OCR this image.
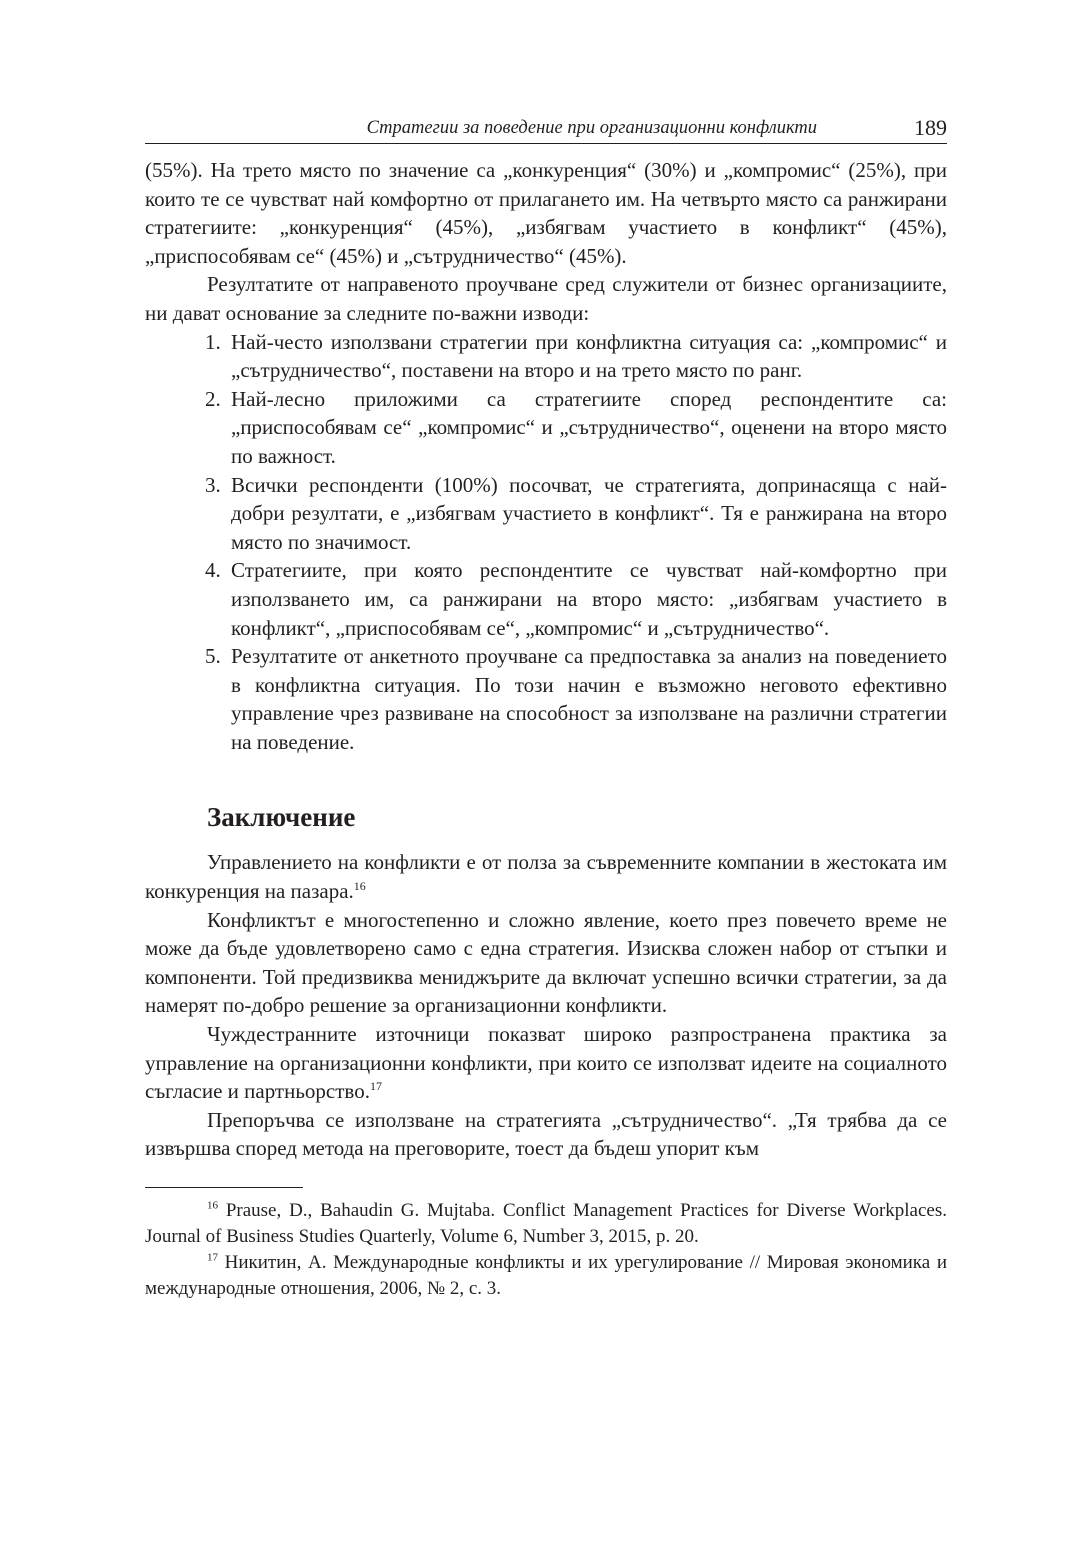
Стратегии за поведение при организационни конфликти	189

(55%). На трето място по значение са „конкуренция“ (30%) и „компромис“ (25%), при които те се чувстват най комфортно от прилагането им. На четвърто място са ранжирани стратегиите: „конкуренция“ (45%), „избягвам участието в конфликт“ (45%), „приспособявам се“ (45%) и „сътрудничество“ (45%).

Резултатите от направеното проучване сред служители от бизнес организациите, ни дават основание за следните по-важни изводи:

1. Най-често използвани стратегии при конфликтна ситуация са: „компромис“ и „сътрудничество“, поставени на второ и на трето място по ранг.
2. Най-лесно приложими са стратегиите според респондентите са: „приспособявам се“ „компромис“ и „сътрудничество“, оценени на второ място по важност.
3. Всички респонденти (100%) посочват, че стратегията, допринасяща с най-добри резултати, е „избягвам участието в конфликт“. Тя е ранжирана на второ място по значимост.
4. Стратегиите, при която респондентите се чувстват най-комфортно при използването им, са ранжирани на второ място: „избягвам участието в конфликт“, „приспособявам се“, „компромис“ и „сътрудничество“.
5. Резултатите от анкетното проучване са предпоставка за анализ на поведението в конфликтна ситуация. По този начин е възможно неговото ефективно управление чрез развиване на способност за използване на различни стратегии на поведение.
Заключение

Управлението на конфликти е от полза за съвременните компании в жестоката им конкуренция на пазара.$^{16}$

Конфликтът е многостепенно и сложно явление, което през повечето време не може да бъде удовлетворено само с една стратегия. Изисква сложен набор от стъпки и компоненти. Той предизвиква мениджърите да включат успешно всички стратегии, за да намерят по-добро решение за организационни конфликти.

Чуждестранните източници показват широко разпространена практика за управление на организационни конфликти, при които се използват идеите на социалното съгласие и партньорство.$^{17}$

Препоръчва се използване на стратегията „сътрудничество“. „Тя трябва да се извършва според метода на преговорите, тоест да бъдеш упорит към

$^{16}$ Prause, D., Bahaudin G. Mujtaba. Conflict Management Practices for Diverse Workplaces. Journal of Business Studies Quarterly, Volume 6, Number 3, 2015, p. 20.

$^{17}$ Никитин, А. Международные конфликты и их урегулирование // Мировая экономика и международные отношения, 2006, № 2, с. 3.
